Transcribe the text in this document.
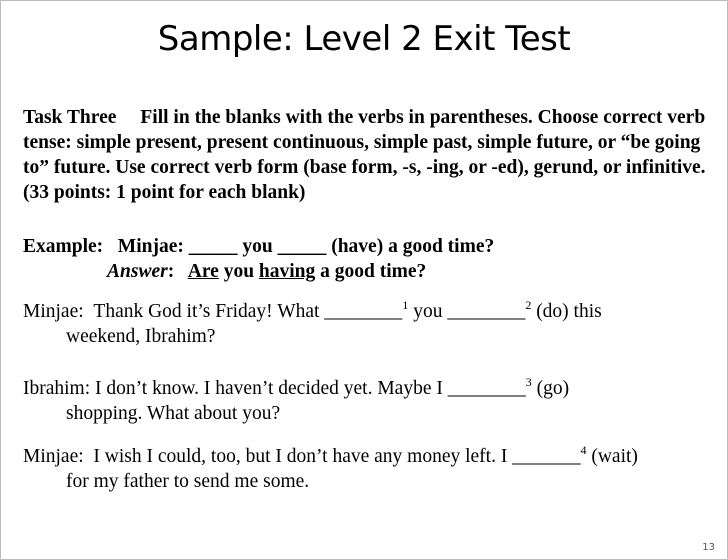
Sample: Level 2 Exit Test
Task Three Fill in the blanks with the verbs in parentheses. Choose correct verb tense: simple present, present continuous, simple past, simple future, or “be going to” future. Use correct verb form (base form, -s, -ing, or -ed), gerund, or infinitive. (33 points: 1 point for each blank)
Example: Minjae: _____ you _____ (have) a good time?
Answer: Are you having a good time?
Minjae: Thank God it’s Friday! What ________$^1$ you ________$^2$ (do) this
weekend, Ibrahim?
Ibrahim: I don’t know. I haven’t decided yet. Maybe I ________$^3$ (go)
shopping. What about you?
Minjae: I wish I could, too, but I don’t have any money left. I _______$^4$ (wait)
for my father to send me some.
13
